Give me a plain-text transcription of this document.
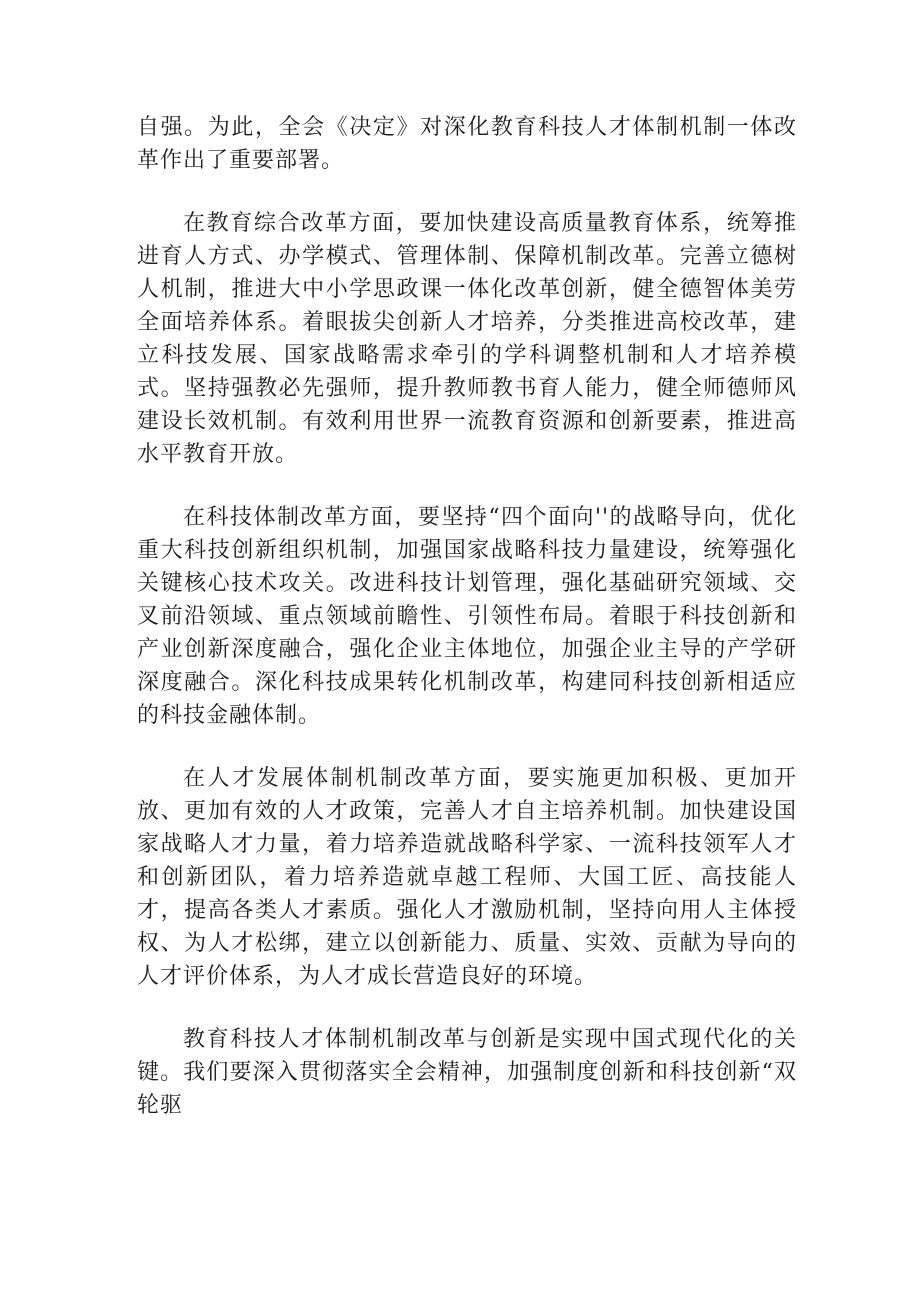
自强。为此，全会《决定》对深化教育科技人才体制机制一体改革作出了重要部署。

在教育综合改革方面，要加快建设高质量教育体系，统筹推进育人方式、办学模式、管理体制、保障机制改革。完善立德树人机制，推进大中小学思政课一体化改革创新，健全德智体美劳全面培养体系。着眼拔尖创新人才培养，分类推进高校改革，建立科技发展、国家战略需求牵引的学科调整机制和人才培养模式。坚持强教必先强师，提升教师教书育人能力，健全师德师风建设长效机制。有效利用世界一流教育资源和创新要素，推进高水平教育开放。

在科技体制改革方面，要坚持“四个面向''的战略导向，优化重大科技创新组织机制，加强国家战略科技力量建设，统筹强化关键核心技术攻关。改进科技计划管理，强化基础研究领域、交叉前沿领域、重点领域前瞻性、引领性布局。着眼于科技创新和产业创新深度融合，强化企业主体地位，加强企业主导的产学研深度融合。深化科技成果转化机制改革，构建同科技创新相适应的科技金融体制。

在人才发展体制机制改革方面，要实施更加积极、更加开放、更加有效的人才政策，完善人才自主培养机制。加快建设国家战略人才力量，着力培养造就战略科学家、一流科技领军人才和创新团队，着力培养造就卓越工程师、大国工匠、高技能人才，提高各类人才素质。强化人才激励机制，坚持向用人主体授权、为人才松绑，建立以创新能力、质量、实效、贡献为导向的人才评价体系，为人才成长营造良好的环境。

教育科技人才体制机制改革与创新是实现中国式现代化的关键。我们要深入贯彻落实全会精神，加强制度创新和科技创新“双轮驱
